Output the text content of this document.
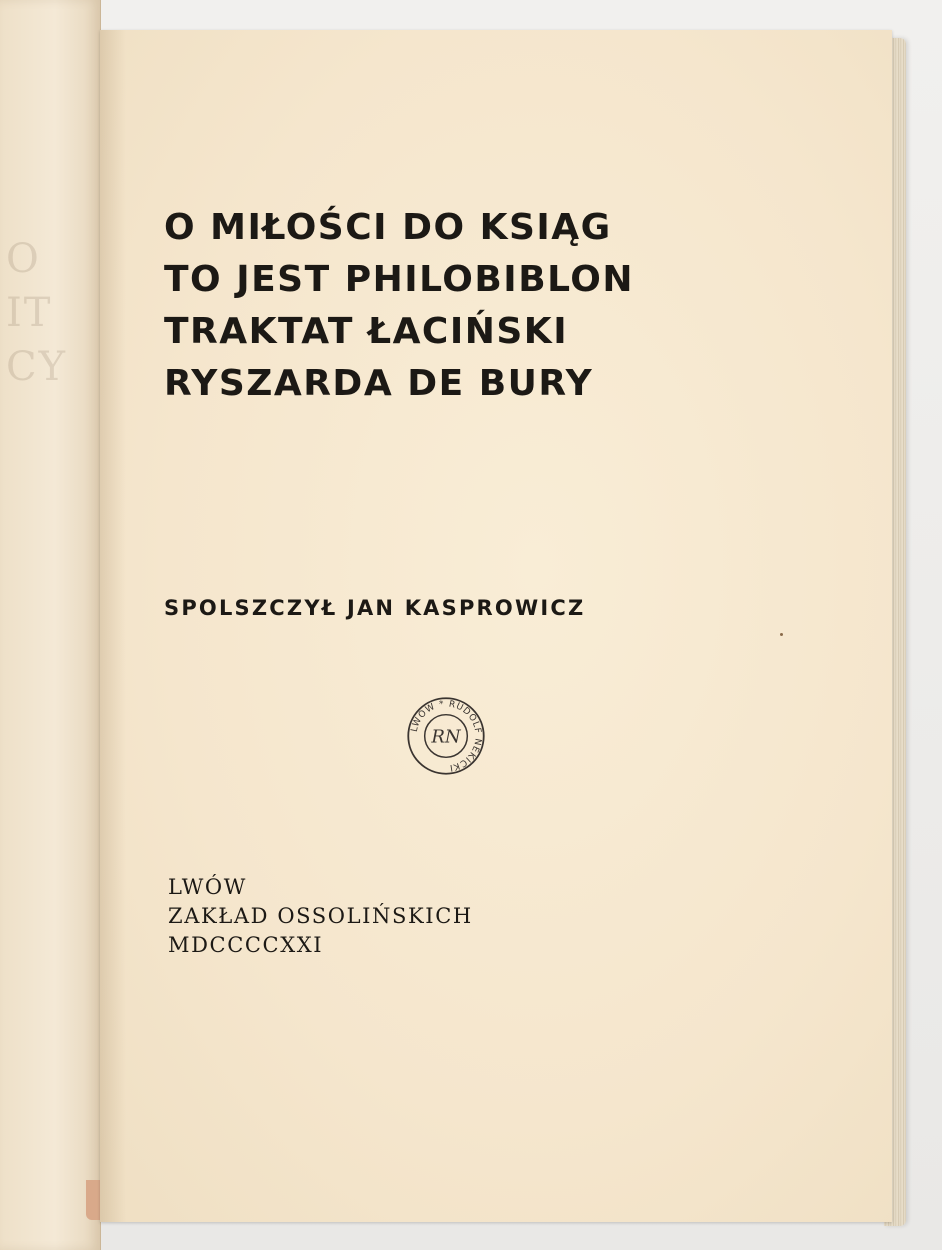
O
IT
CY
O MIŁOŚCI DO KSIĄG
TO JEST PHILOBIBLON
TRAKTAT ŁACIŃSKI
RYSZARDA DE BURY
SPOLSZCZYŁ JAN KASPROWICZ
LWÓW * RUDOLF NEKICKI
RN
LWÓW
ZAKŁAD OSSOLIŃSKICH
MDCCCCXXI
